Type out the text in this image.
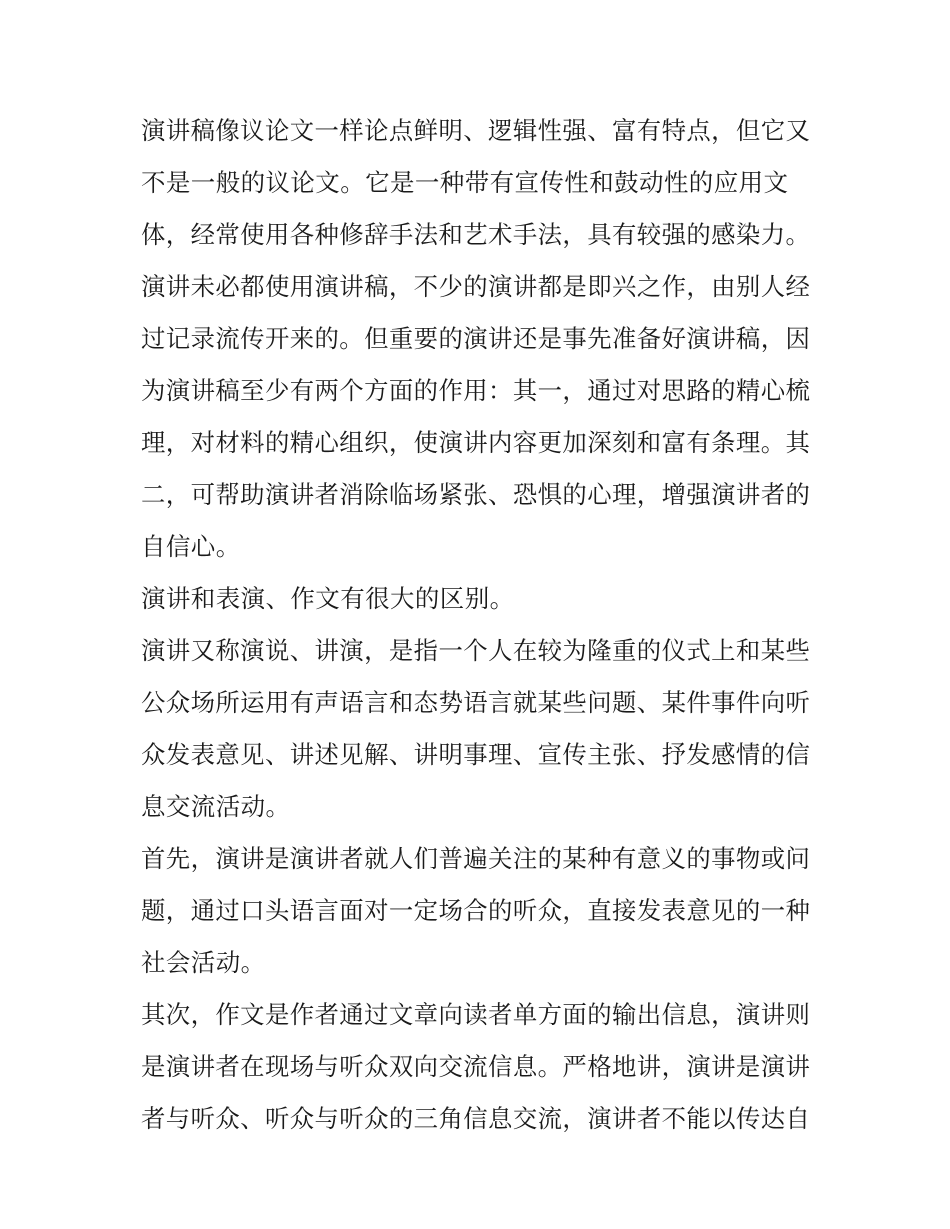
演讲稿像议论文一样论点鲜明、逻辑性强、富有特点，但它又
不是一般的议论文。它是一种带有宣传性和鼓动性的应用文
体，经常使用各种修辞手法和艺术手法，具有较强的感染力。
演讲未必都使用演讲稿，不少的演讲都是即兴之作，由别人经
过记录流传开来的。但重要的演讲还是事先准备好演讲稿，因
为演讲稿至少有两个方面的作用：其一，通过对思路的精心梳
理，对材料的精心组织，使演讲内容更加深刻和富有条理。其
二，可帮助演讲者消除临场紧张、恐惧的心理，增强演讲者的
自信心。
演讲和表演、作文有很大的区别。
演讲又称演说、讲演，是指一个人在较为隆重的仪式上和某些
公众场所运用有声语言和态势语言就某些问题、某件事件向听
众发表意见、讲述见解、讲明事理、宣传主张、抒发感情的信
息交流活动。
首先，演讲是演讲者就人们普遍关注的某种有意义的事物或问
题，通过口头语言面对一定场合的听众，直接发表意见的一种
社会活动。
其次，作文是作者通过文章向读者单方面的输出信息，演讲则
是演讲者在现场与听众双向交流信息。严格地讲，演讲是演讲
者与听众、听众与听众的三角信息交流，演讲者不能以传达自
